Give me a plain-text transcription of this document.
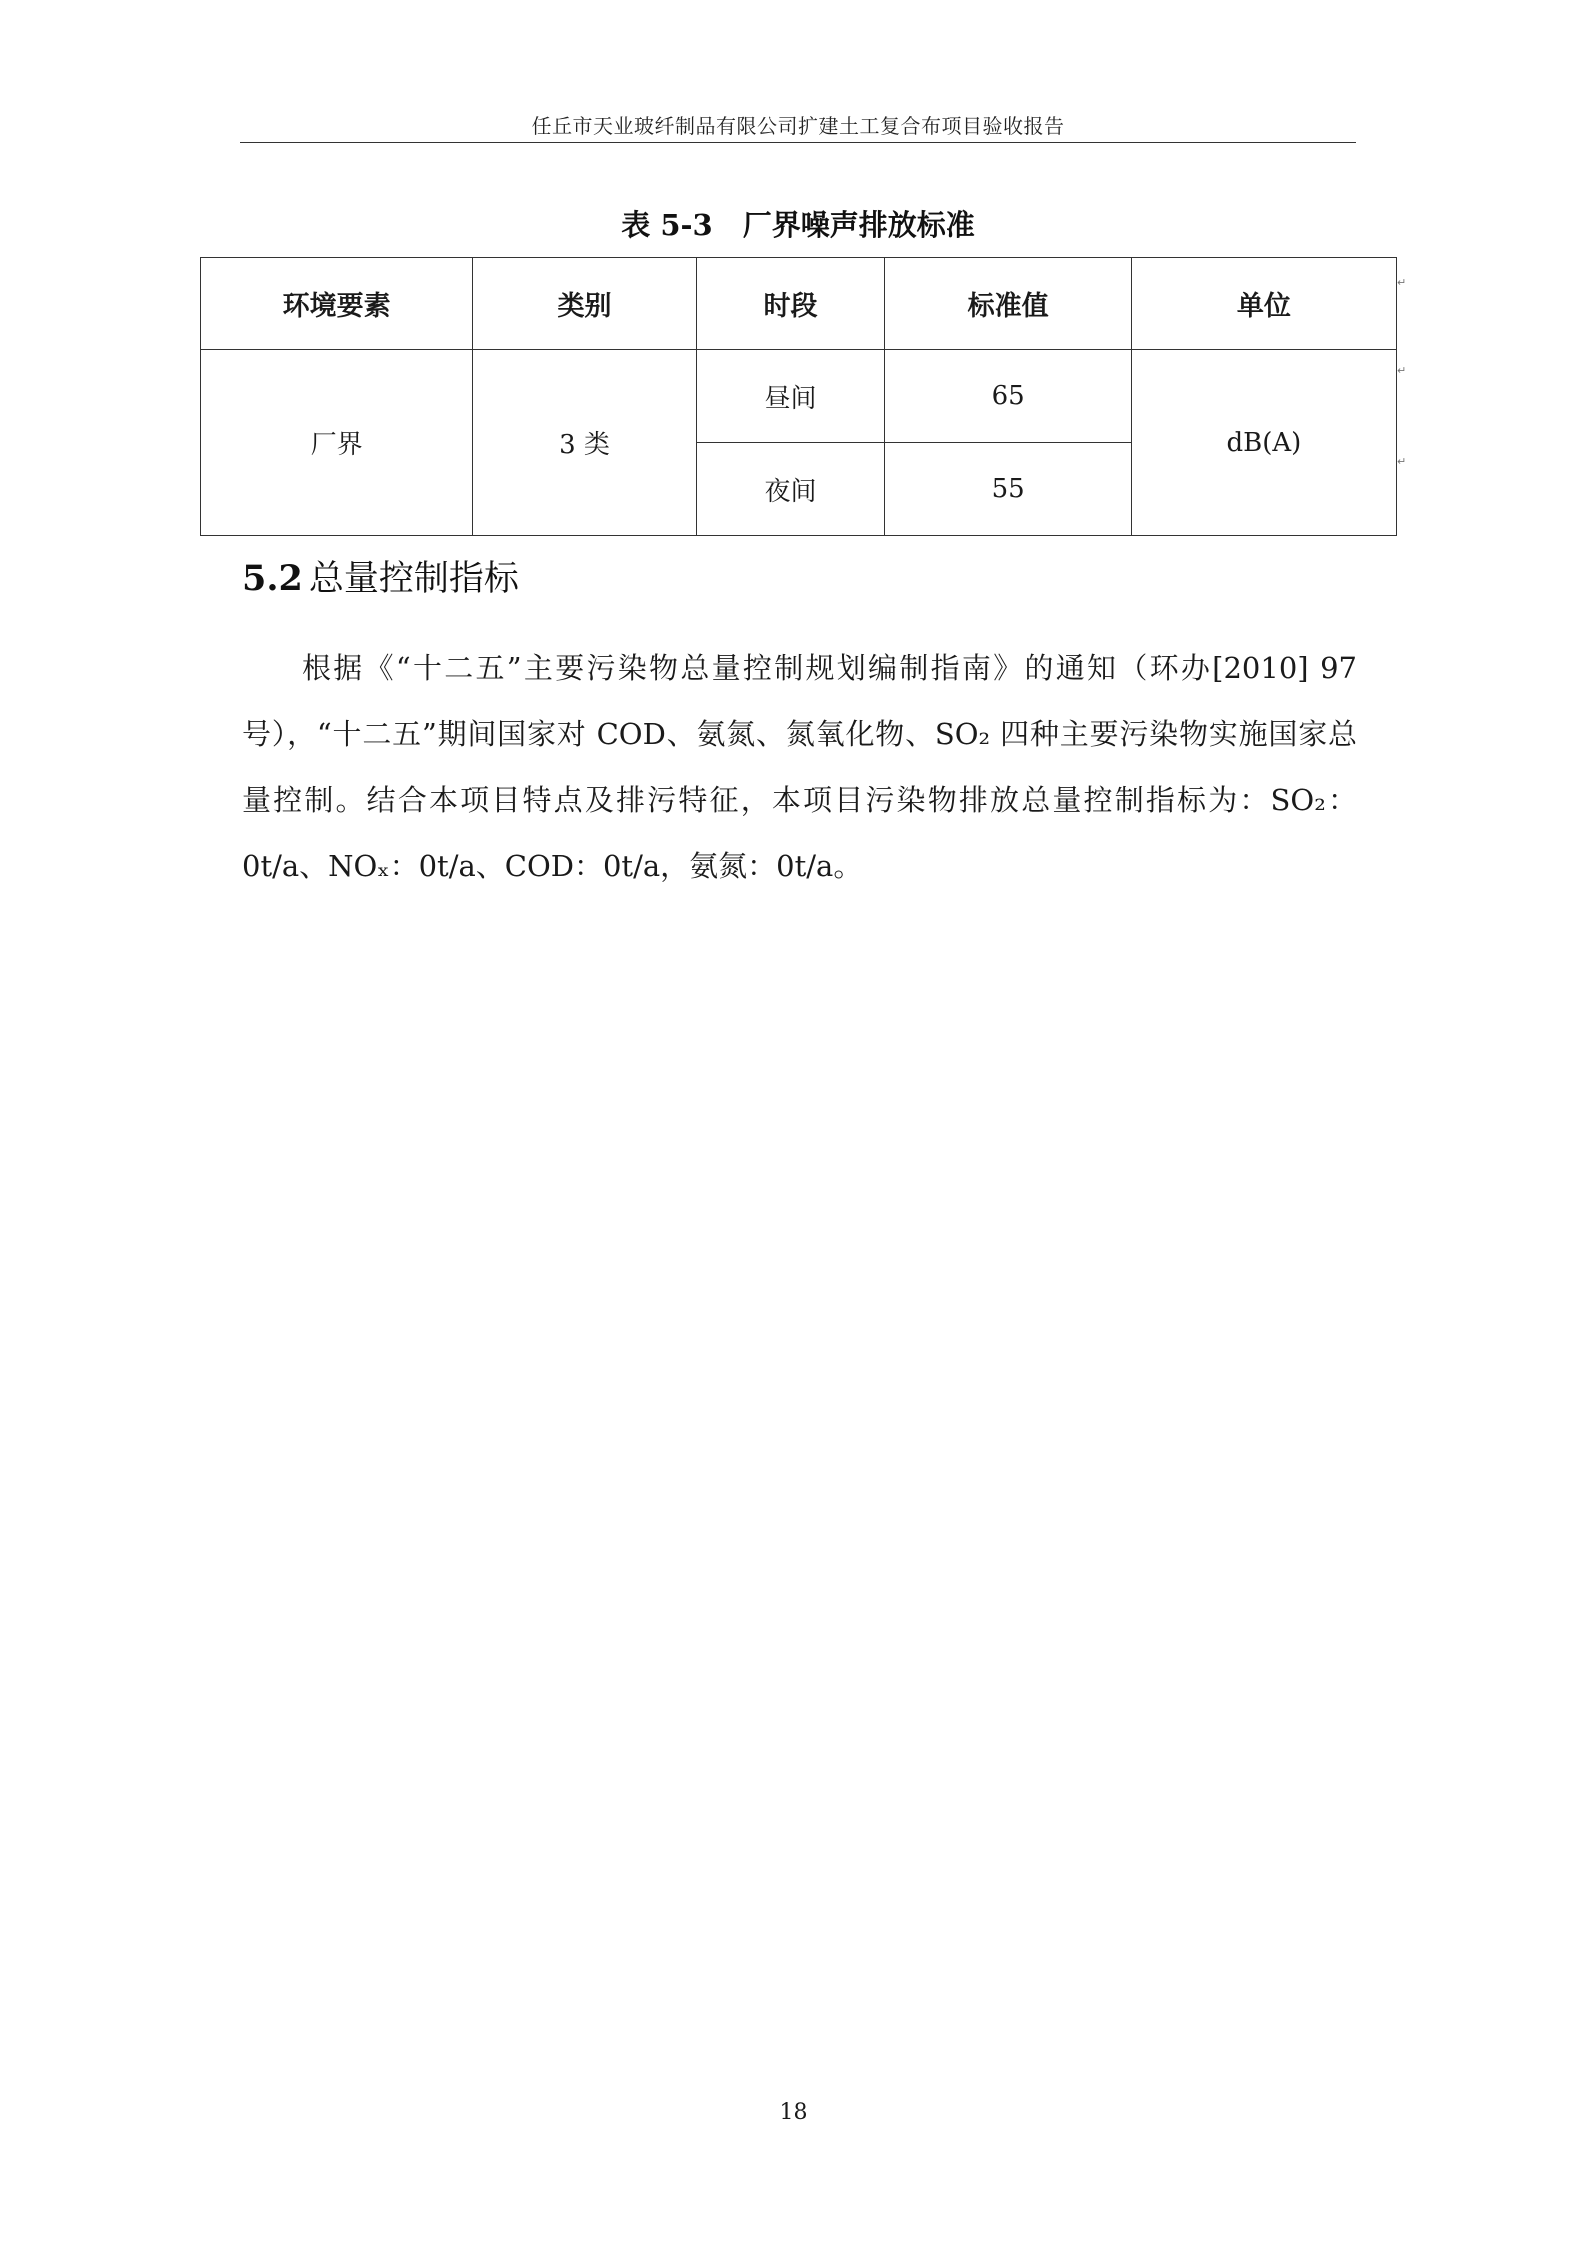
任丘市天业玻纤制品有限公司扩建土工复合布项目验收报告
表 5-3 厂界噪声排放标准
环境要素	类别	时段	标准值	单位
厂界	3 类	昼间	65	dB(A)
		夜间	55	
↵
↵
↵
5.2 总量控制指标

根据《“十二五”主要污染物总量控制规划编制指南》的通知（环办[2010] 97号），“十二五”期间国家对 COD、氨氮、氮氧化物、SO₂ 四种主要污染物实施国家总量控制。结合本项目特点及排污特征，本项目污染物排放总量控制指标为：SO₂：0t/a、NOₓ：0t/a、COD：0t/a，氨氮：0t/a。

18
